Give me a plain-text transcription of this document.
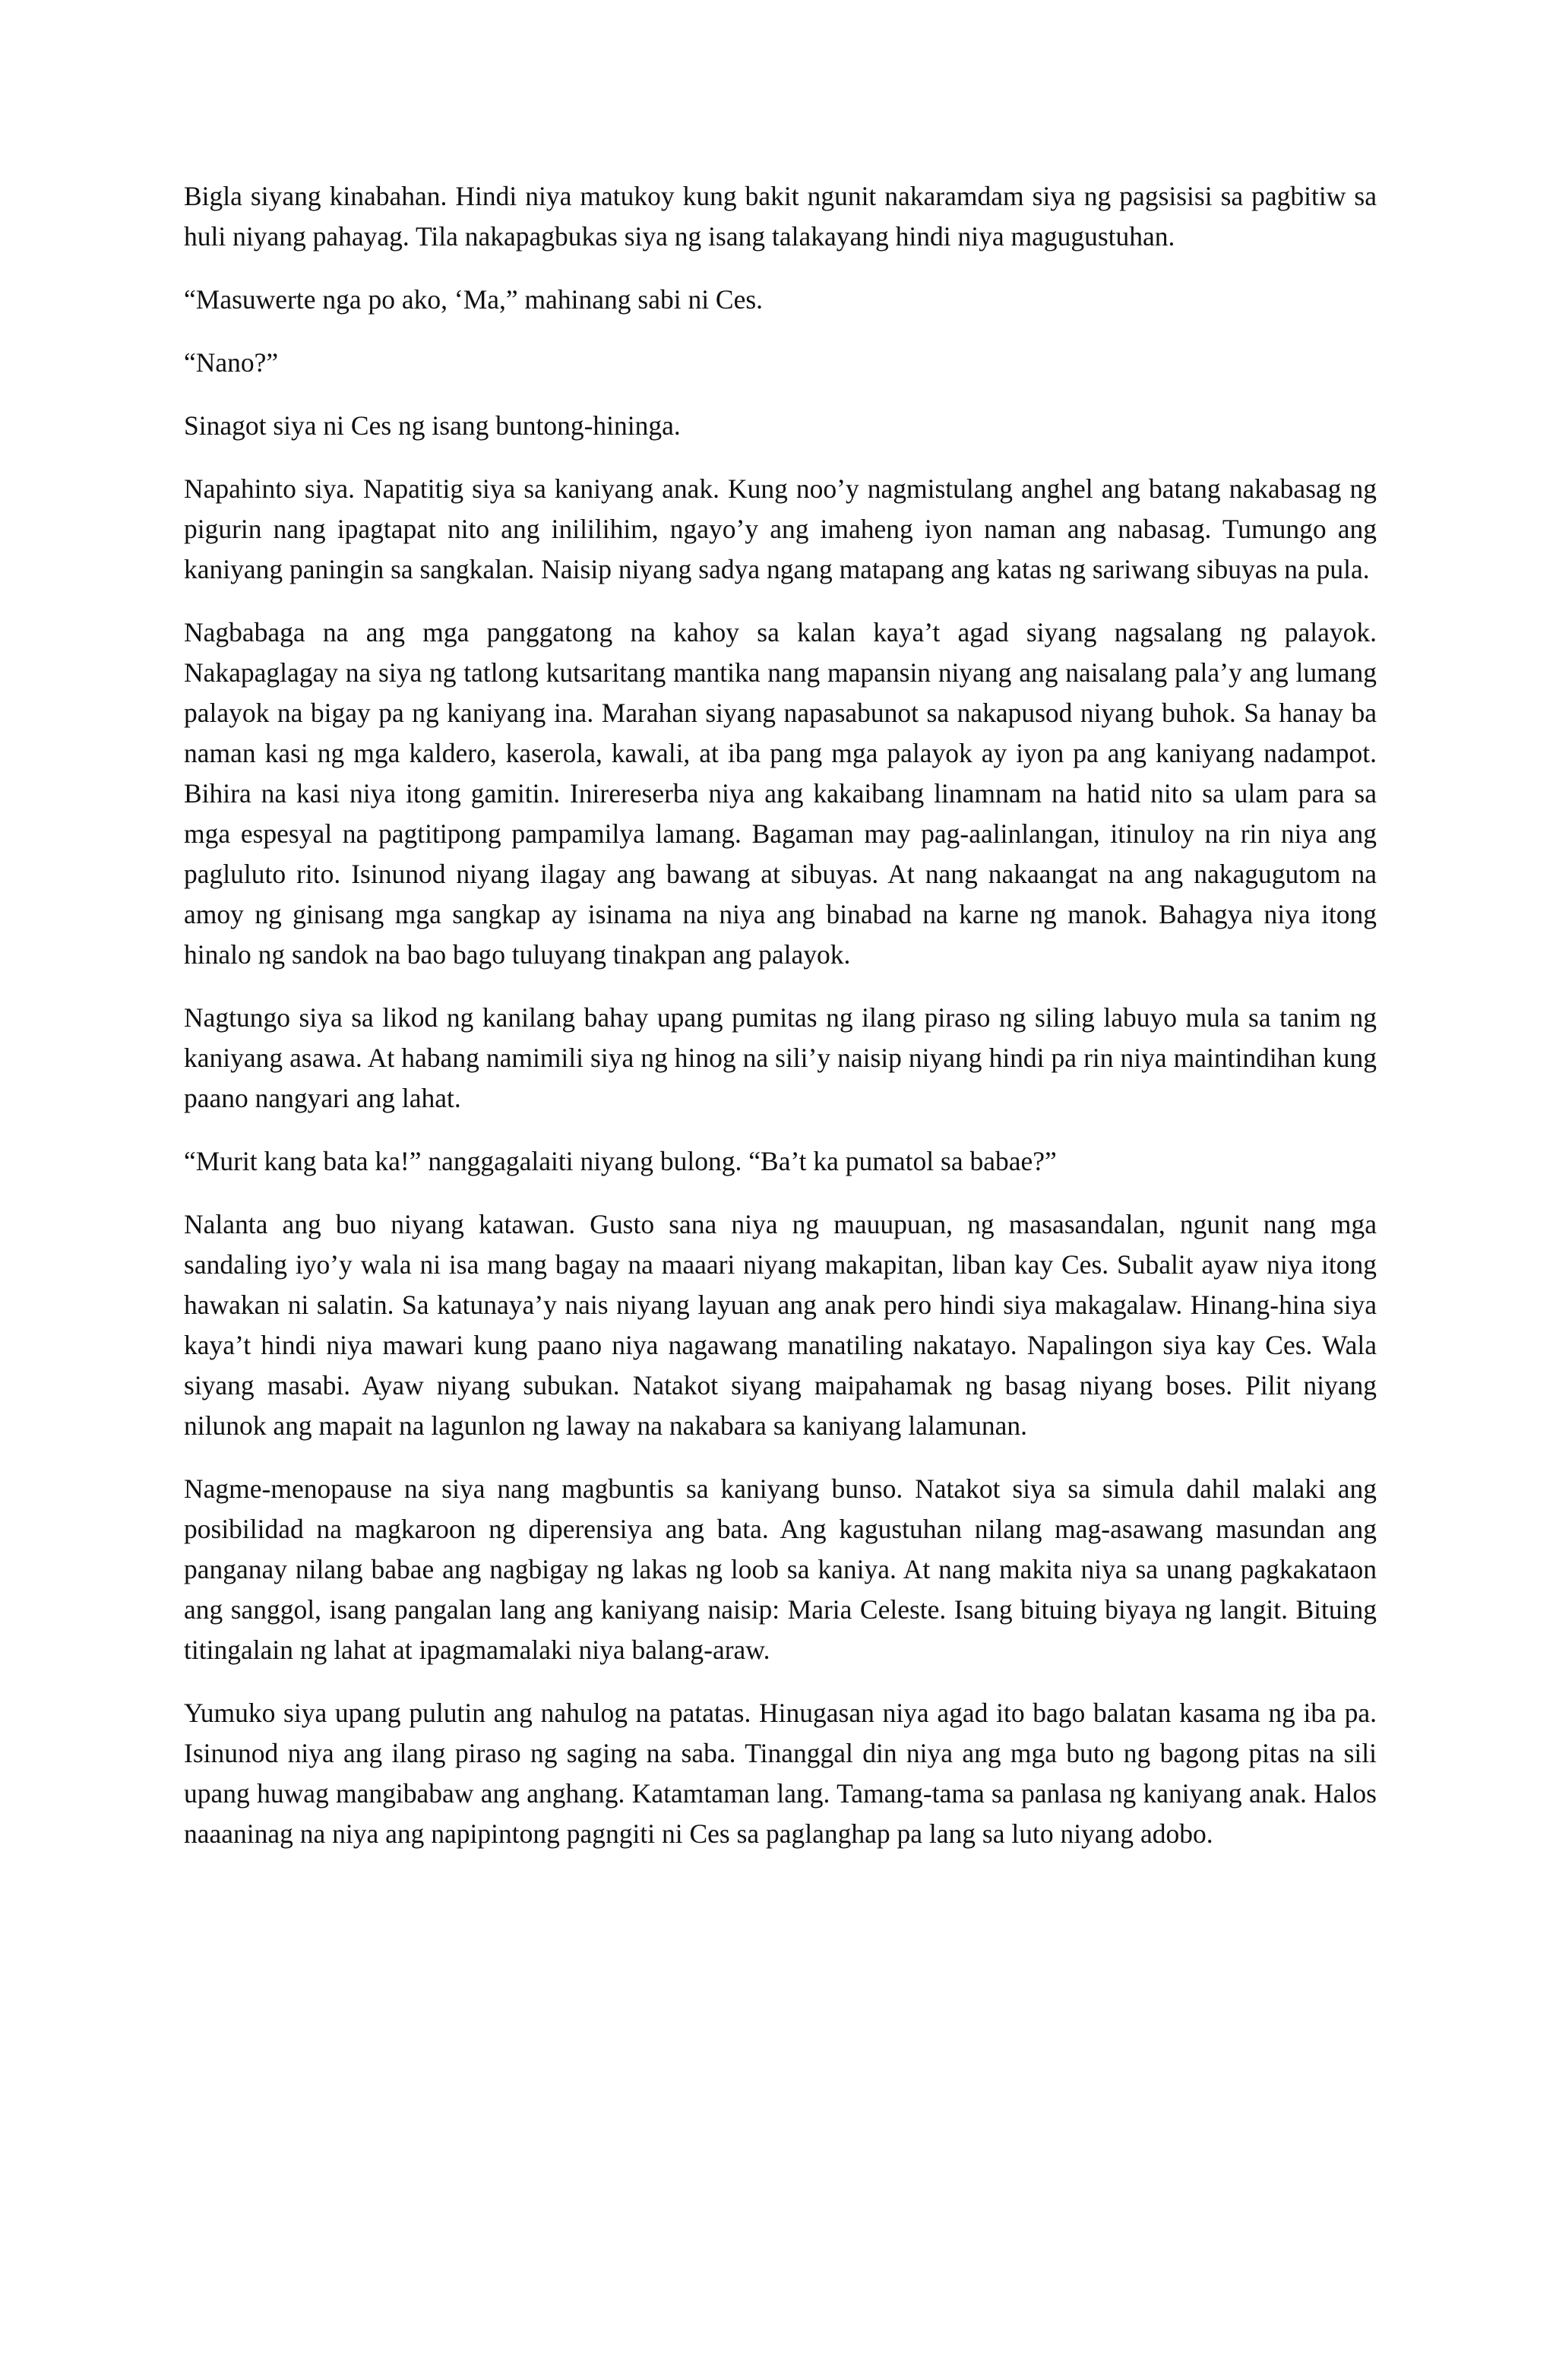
Bigla siyang kinabahan. Hindi niya matukoy kung bakit ngunit nakaramdam siya ng pagsisisi sa pagbitiw sa huli niyang pahayag. Tila nakapagbukas siya ng isang talakayang hindi niya magugustuhan.

“Masuwerte nga po ako, ‘Ma,” mahinang sabi ni Ces.

“Nano?”

Sinagot siya ni Ces ng isang buntong-hininga.

Napahinto siya. Napatitig siya sa kaniyang anak. Kung noo’y nagmistulang anghel ang batang nakabasag ng pigurin nang ipagtapat nito ang inililihim, ngayo’y ang imaheng iyon naman ang nabasag. Tumungo ang kaniyang paningin sa sangkalan. Naisip niyang sadya ngang matapang ang katas ng sariwang sibuyas na pula.

Nagbabaga na ang mga panggatong na kahoy sa kalan kaya’t agad siyang nagsalang ng palayok. Nakapaglagay na siya ng tatlong kutsaritang mantika nang mapansin niyang ang naisalang pala’y ang lumang palayok na bigay pa ng kaniyang ina. Marahan siyang napasabunot sa nakapusod niyang buhok. Sa hanay ba naman kasi ng mga kaldero, kaserola, kawali, at iba pang mga palayok ay iyon pa ang kaniyang nadampot. Bihira na kasi niya itong gamitin. Inirereserba niya ang kakaibang linamnam na hatid nito sa ulam para sa mga espesyal na pagtitipong pampamilya lamang. Bagaman may pag-aalinlangan, itinuloy na rin niya ang pagluluto rito. Isinunod niyang ilagay ang bawang at sibuyas. At nang nakaangat na ang nakagugutom na amoy ng ginisang mga sangkap ay isinama na niya ang binabad na karne ng manok. Bahagya niya itong hinalo ng sandok na bao bago tuluyang tinakpan ang palayok.

Nagtungo siya sa likod ng kanilang bahay upang pumitas ng ilang piraso ng siling labuyo mula sa tanim ng kaniyang asawa. At habang namimili siya ng hinog na sili’y naisip niyang hindi pa rin niya maintindihan kung paano nangyari ang lahat.

“Murit kang bata ka!” nanggagalaiti niyang bulong. “Ba’t ka pumatol sa babae?”

Nalanta ang buo niyang katawan. Gusto sana niya ng mauupuan, ng masasandalan, ngunit nang mga sandaling iyo’y wala ni isa mang bagay na maaari niyang makapitan, liban kay Ces. Subalit ayaw niya itong hawakan ni salatin. Sa katunaya’y nais niyang layuan ang anak pero hindi siya makagalaw. Hinang-hina siya kaya’t hindi niya mawari kung paano niya nagawang manatiling nakatayo. Napalingon siya kay Ces. Wala siyang masabi. Ayaw niyang subukan. Natakot siyang maipahamak ng basag niyang boses. Pilit niyang nilunok ang mapait na lagunlon ng laway na nakabara sa kaniyang lalamunan.

Nagme-menopause na siya nang magbuntis sa kaniyang bunso. Natakot siya sa simula dahil malaki ang posibilidad na magkaroon ng diperensiya ang bata. Ang kagustuhan nilang mag-asawang masundan ang panganay nilang babae ang nagbigay ng lakas ng loob sa kaniya. At nang makita niya sa unang pagkakataon ang sanggol, isang pangalan lang ang kaniyang naisip: Maria Celeste. Isang bituing biyaya ng langit. Bituing titingalain ng lahat at ipagmamalaki niya balang-araw.

Yumuko siya upang pulutin ang nahulog na patatas. Hinugasan niya agad ito bago balatan kasama ng iba pa. Isinunod niya ang ilang piraso ng saging na saba. Tinanggal din niya ang mga buto ng bagong pitas na sili upang huwag mangibabaw ang anghang. Katamtaman lang. Tamang-tama sa panlasa ng kaniyang anak. Halos naaaninag na niya ang napipintong pagngiti ni Ces sa paglanghap pa lang sa luto niyang adobo.
